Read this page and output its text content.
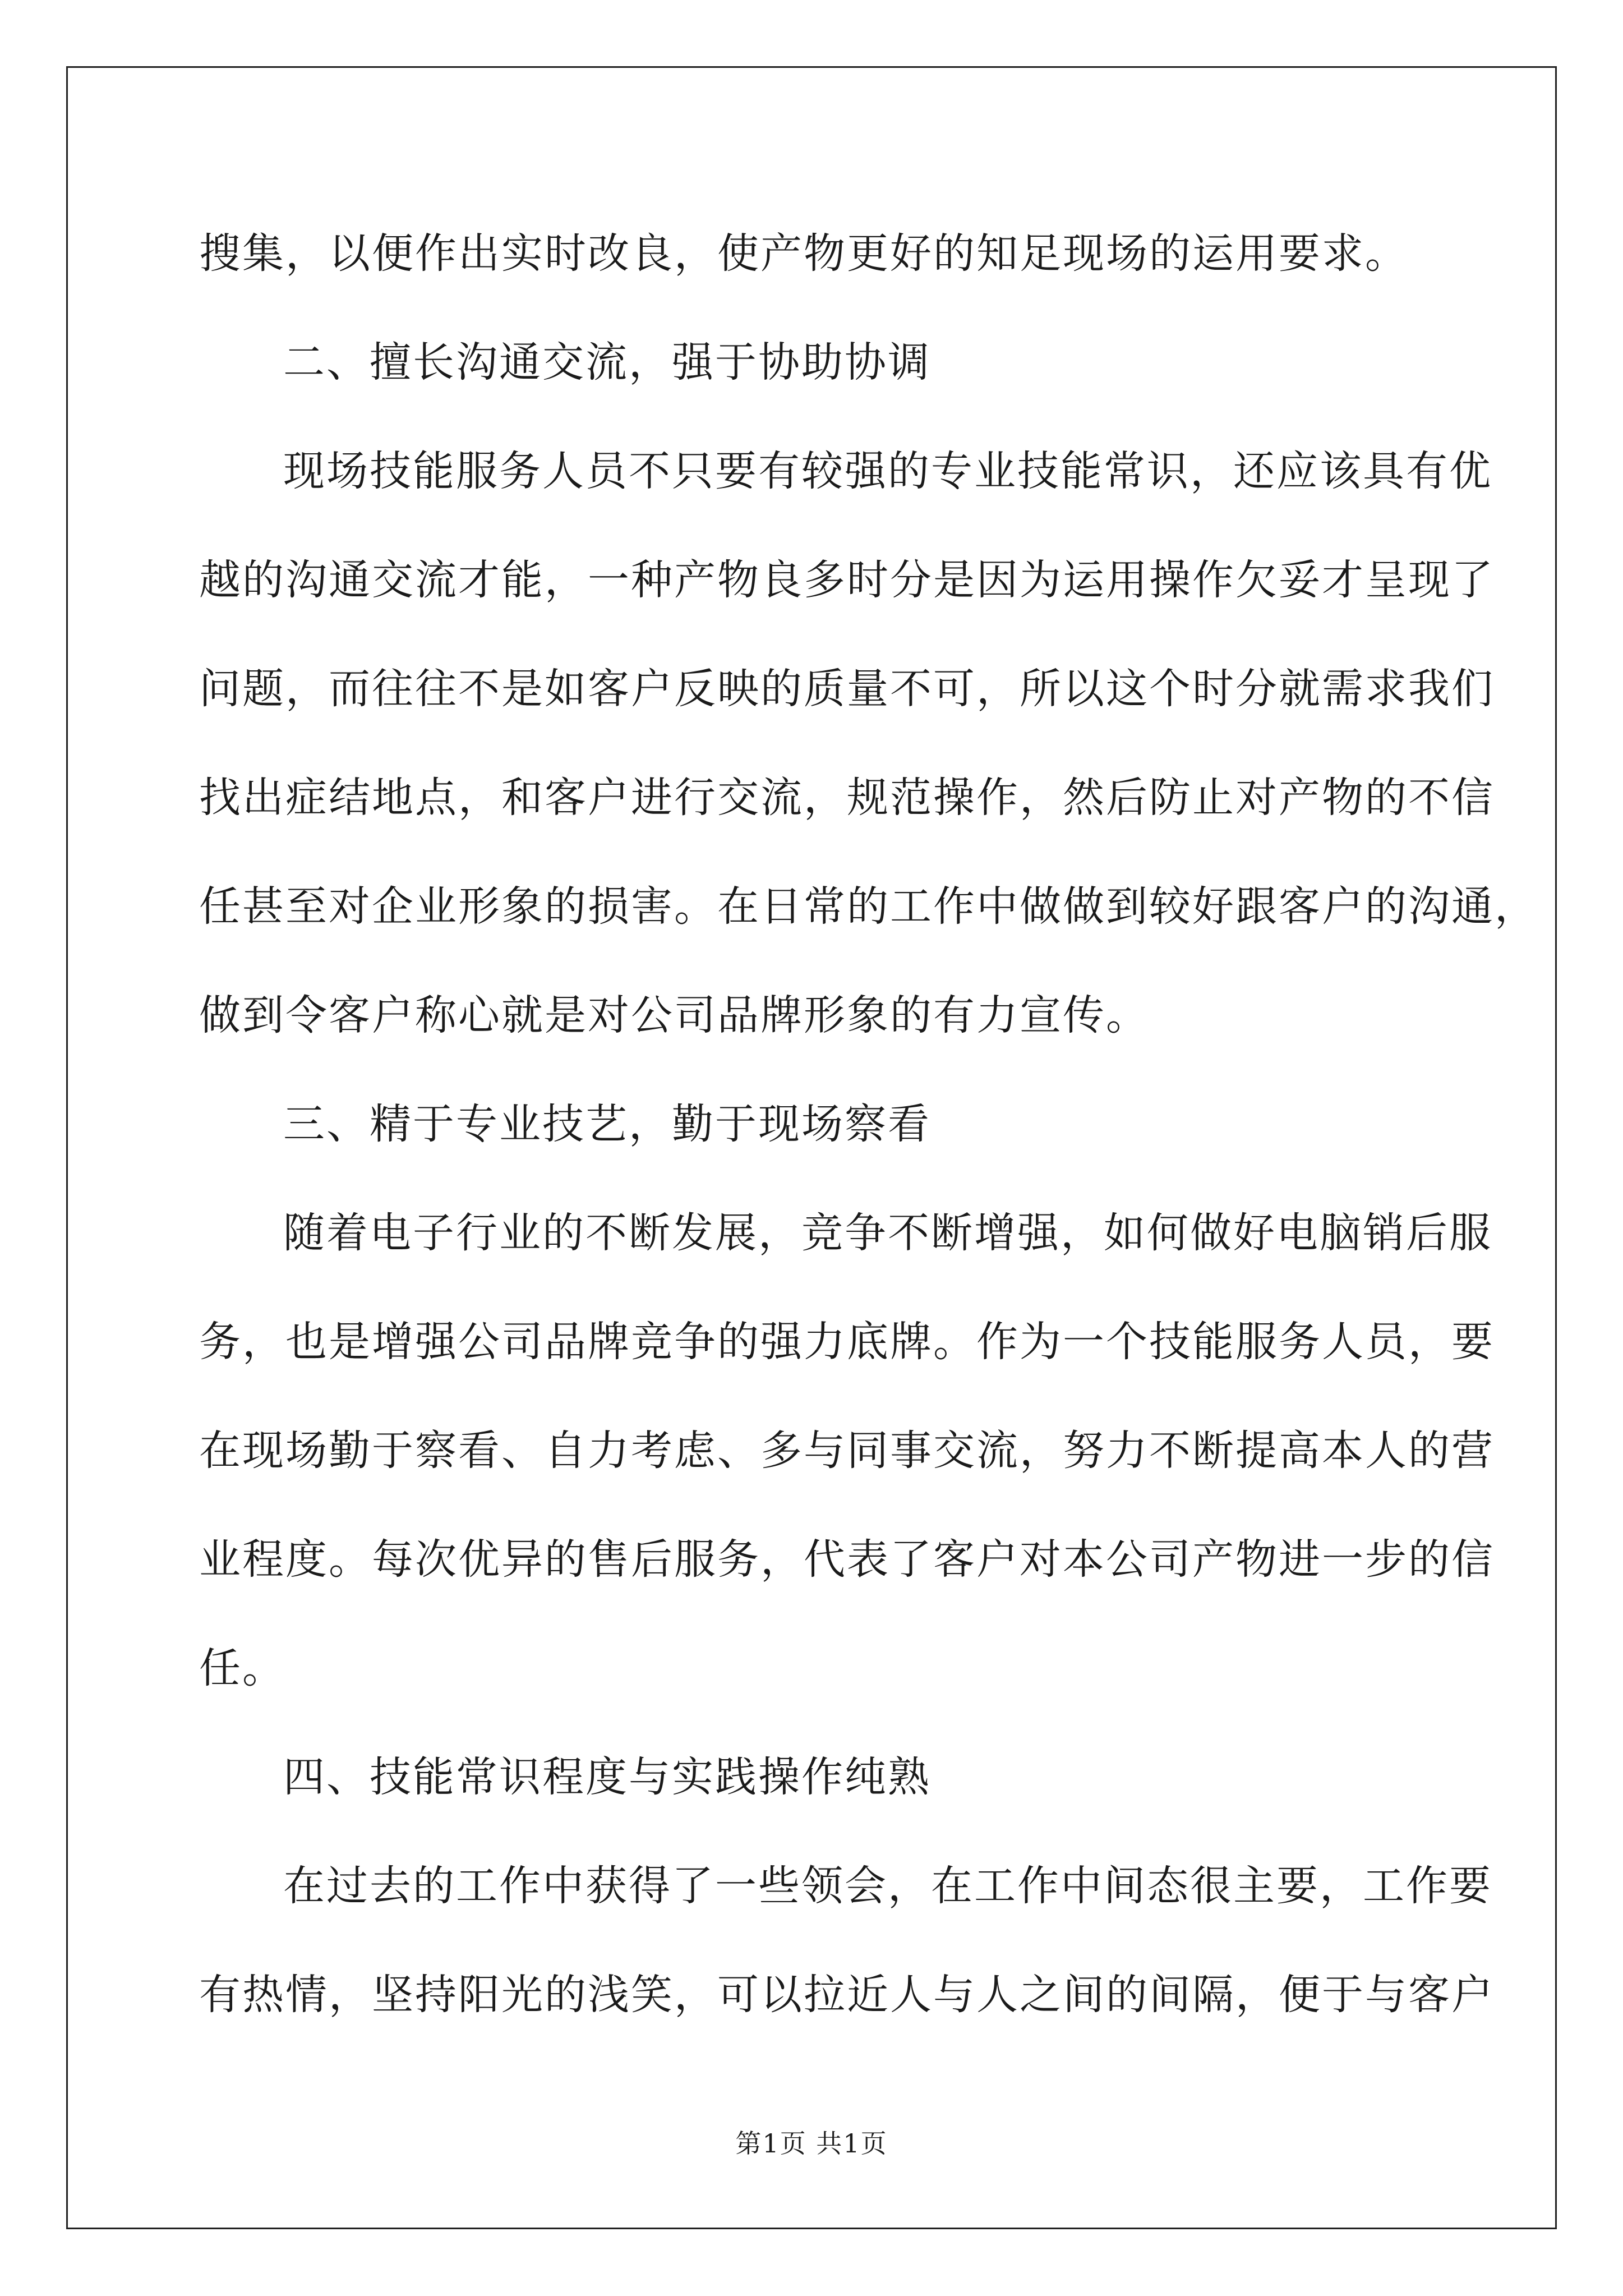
搜集，以便作出实时改良，使产物更好的知足现场的运用要求。
二、擅长沟通交流，强于协助协调
现场技能服务人员不只要有较强的专业技能常识，还应该具有优
越的沟通交流才能，一种产物良多时分是因为运用操作欠妥才呈现了
问题，而往往不是如客户反映的质量不可，所以这个时分就需求我们
找出症结地点，和客户进行交流，规范操作，然后防止对产物的不信
任甚至对企业形象的损害。在日常的工作中做做到较好跟客户的沟通，
做到令客户称心就是对公司品牌形象的有力宣传。
三、精于专业技艺，勤于现场察看
随着电子行业的不断发展，竞争不断增强，如何做好电脑销后服
务，也是增强公司品牌竞争的强力底牌。作为一个技能服务人员，要
在现场勤于察看、自力考虑、多与同事交流，努力不断提高本人的营
业程度。每次优异的售后服务，代表了客户对本公司产物进一步的信
任。
四、技能常识程度与实践操作纯熟
在过去的工作中获得了一些领会，在工作中间态很主要，工作要
有热情，坚持阳光的浅笑，可以拉近人与人之间的间隔，便于与客户
第1页 共1页
